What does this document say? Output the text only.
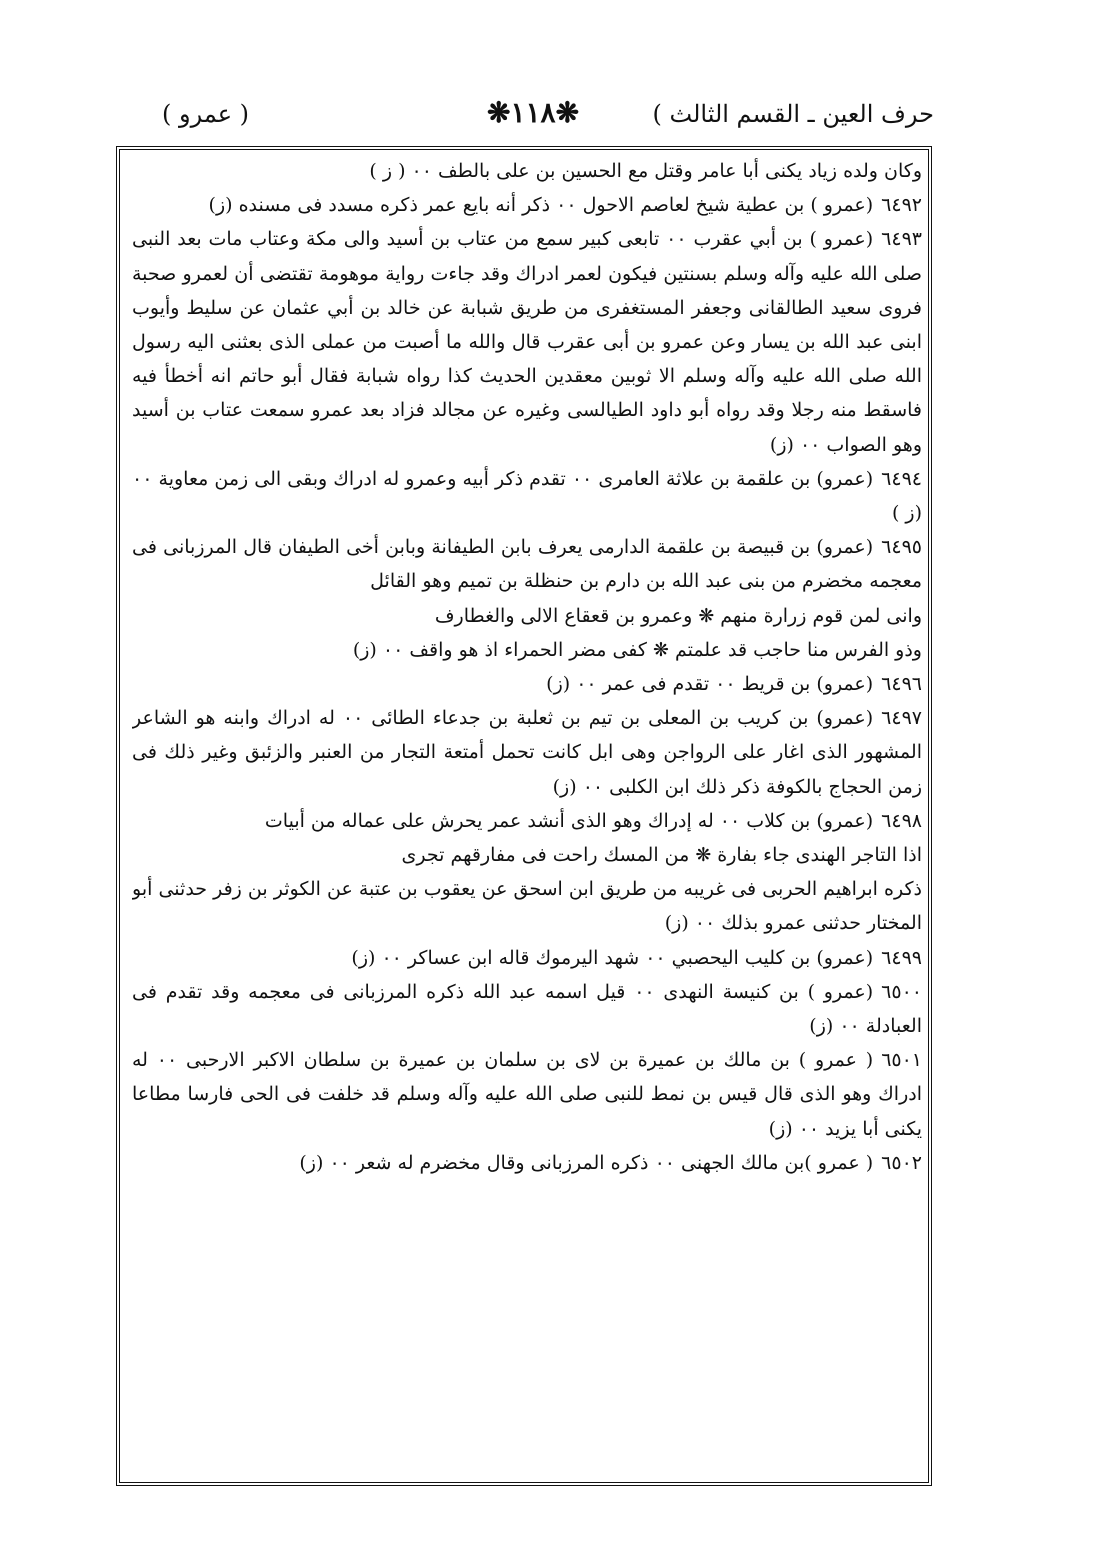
حرف العين ـ القسم الثالث )
❋١١٨❋
( عمرو )

وكان ولده زياد يكنى أبا عامر وقتل مع الحسين بن على بالطف ٠٠ ( ز )

٦٤٩٢(عمرو ) بن عطية شيخ لعاصم الاحول ٠٠ ذكر أنه بايع عمر ذكره مسدد فى مسنده (ز)

٦٤٩٣(عمرو ) بن أبي عقرب ٠٠ تابعى كبير سمع من عتاب بن أسيد والى مكة وعتاب مات بعد النبى صلى الله عليه وآله وسلم بسنتين فيكون لعمر ادراك وقد جاءت رواية موهومة تقتضى أن لعمرو صحبة فروى سعيد الطالقانى وجعفر المستغفرى من طريق شبابة عن خالد بن أبي عثمان عن سليط وأيوب ابنى عبد الله بن يسار وعن عمرو بن أبى عقرب قال والله ما أصبت من عملى الذى بعثنى اليه رسول الله صلى الله عليه وآله وسلم الا ثوبين معقدين الحديث كذا رواه شبابة فقال أبو حاتم انه أخطأ فيه فاسقط منه رجلا وقد رواه أبو داود الطيالسى وغيره عن مجالد فزاد بعد عمرو سمعت عتاب بن أسيد وهو الصواب ٠٠ (ز)

٦٤٩٤(عمرو) بن علقمة بن علاثة العامرى ٠٠ تقدم ذكر أبيه وعمرو له ادراك وبقى الى زمن معاوية ٠٠ (ز )

٦٤٩٥(عمرو) بن قبيصة بن علقمة الدارمى يعرف بابن الطيفانة وبابن أخى الطيفان قال المرزبانى فى معجمه مخضرم من بنى عبد الله بن دارم بن حنظلة بن تميم وهو القائل

وانى لمن قوم زرارة منهم ❋ وعمرو بن قعقاع الالى والغطارف

وذو الفرس منا حاجب قد علمتم ❋ كفى مضر الحمراء اذ هو واقف ٠٠ (ز)

٦٤٩٦(عمرو) بن قريط ٠٠ تقدم فى عمر ٠٠ (ز)

٦٤٩٧(عمرو) بن كريب بن المعلى بن تيم بن ثعلبة بن جدعاء الطائى ٠٠ له ادراك وابنه هو الشاعر المشهور الذى اغار على الرواجن وهى ابل كانت تحمل أمتعة التجار من العنبر والزئبق وغير ذلك فى زمن الحجاج بالكوفة ذكر ذلك ابن الكلبى ٠٠ (ز)

٦٤٩٨(عمرو) بن كلاب ٠٠ له إدراك وهو الذى أنشد عمر يحرش على عماله من أبيات

اذا التاجر الهندى جاء بفارة ❋ من المسك راحت فى مفارقهم تجرى

ذكره ابراهيم الحربى فى غريبه من طريق ابن اسحق عن يعقوب بن عتبة عن الكوثر بن زفر حدثنى أبو المختار حدثنى عمرو بذلك ٠٠ (ز)

٦٤٩٩(عمرو) بن كليب اليحصبي ٠٠ شهد اليرموك قاله ابن عساكر ٠٠ (ز)

٦٥٠٠(عمرو ) بن كنيسة النهدى ٠٠ قيل اسمه عبد الله ذكره المرزبانى فى معجمه وقد تقدم فى العبادلة ٠٠ (ز)

٦٥٠١( عمرو ) بن مالك بن عميرة بن لاى بن سلمان بن عميرة بن سلطان الاكبر الارحبى ٠٠ له ادراك وهو الذى قال قيس بن نمط للنبى صلى الله عليه وآله وسلم قد خلفت فى الحى فارسا مطاعا يكنى أبا يزيد ٠٠ (ز)

٦٥٠٢( عمرو )بن مالك الجهنى ٠٠ ذكره المرزبانى وقال مخضرم له شعر ٠٠ (ز)
